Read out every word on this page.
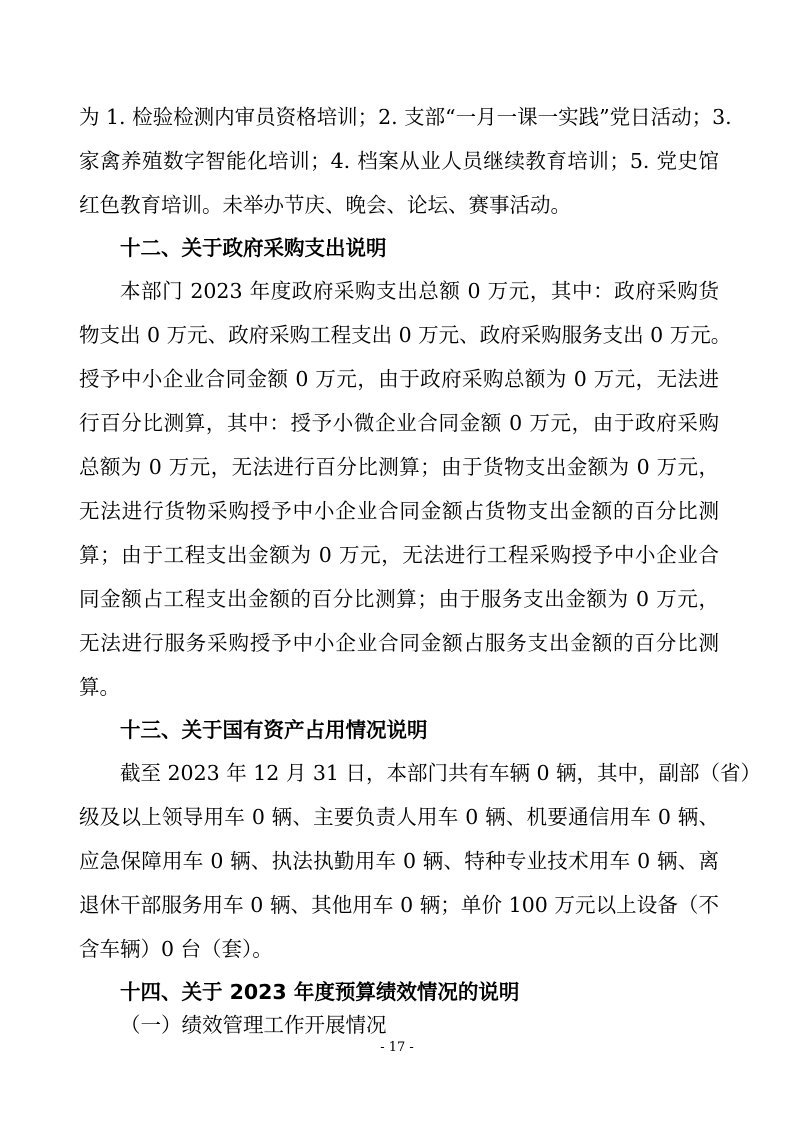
为 1. 检验检测内审员资格培训；2. 支部“一月一课一实践”党日活动；3.
家禽养殖数字智能化培训；4. 档案从业人员继续教育培训；5. 党史馆
红色教育培训。未举办节庆、晚会、论坛、赛事活动。
十二、关于政府采购支出说明
本部门 2023 年度政府采购支出总额 0 万元，其中：政府采购货
物支出 0 万元、政府采购工程支出 0 万元、政府采购服务支出 0 万元。
授予中小企业合同金额 0 万元，由于政府采购总额为 0 万元，无法进
行百分比测算，其中：授予小微企业合同金额 0 万元，由于政府采购
总额为 0 万元，无法进行百分比测算；由于货物支出金额为 0 万元，
无法进行货物采购授予中小企业合同金额占货物支出金额的百分比测
算；由于工程支出金额为 0 万元，无法进行工程采购授予中小企业合
同金额占工程支出金额的百分比测算；由于服务支出金额为 0 万元，
无法进行服务采购授予中小企业合同金额占服务支出金额的百分比测
算。
十三、关于国有资产占用情况说明
截至 2023 年 12 月 31 日，本部门共有车辆 0 辆，其中，副部（省）
级及以上领导用车 0 辆、主要负责人用车 0 辆、机要通信用车 0 辆、
应急保障用车 0 辆、执法执勤用车 0 辆、特种专业技术用车 0 辆、离
退休干部服务用车 0 辆、其他用车 0 辆；单价 100 万元以上设备（不
含车辆）0 台（套）。
十四、关于 2023 年度预算绩效情况的说明
（一）绩效管理工作开展情况
- 17 -
